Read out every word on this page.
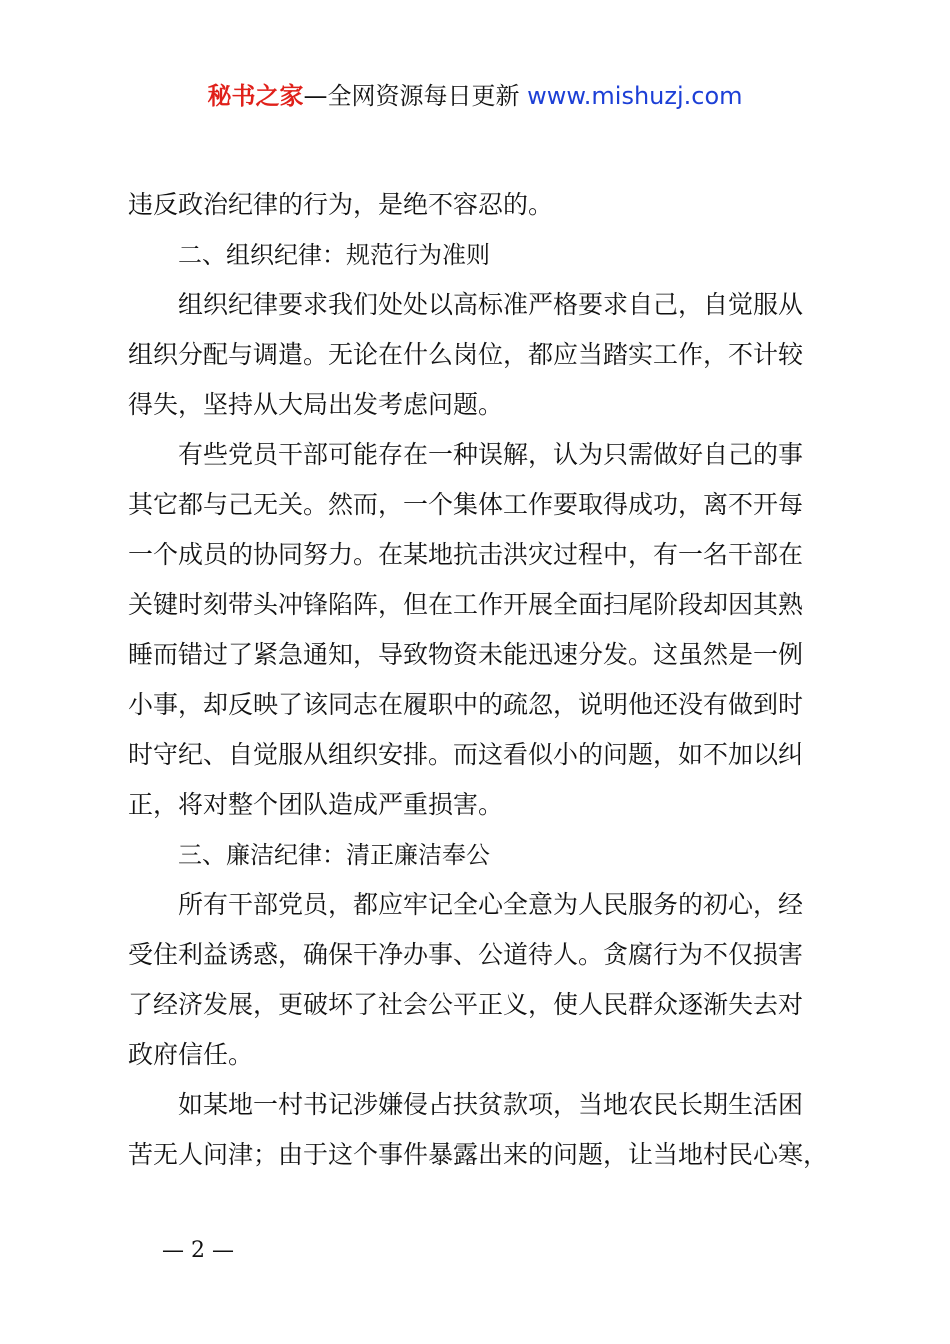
秘书之家—全网资源每日更新 www.mishuzj.com
违反政治纪律的行为，是绝不容忍的。
二、组织纪律：规范行为准则
组织纪律要求我们处处以高标准严格要求自己，自觉服从
组织分配与调遣。无论在什么岗位，都应当踏实工作，不计较
得失，坚持从大局出发考虑问题。
有些党员干部可能存在一种误解，认为只需做好自己的事
其它都与己无关。然而，一个集体工作要取得成功，离不开每
一个成员的协同努力。在某地抗击洪灾过程中，有一名干部在
关键时刻带头冲锋陷阵，但在工作开展全面扫尾阶段却因其熟
睡而错过了紧急通知，导致物资未能迅速分发。这虽然是一例
小事，却反映了该同志在履职中的疏忽，说明他还没有做到时
时守纪、自觉服从组织安排。而这看似小的问题，如不加以纠
正，将对整个团队造成严重损害。
三、廉洁纪律：清正廉洁奉公
所有干部党员，都应牢记全心全意为人民服务的初心，经
受住利益诱惑，确保干净办事、公道待人。贪腐行为不仅损害
了经济发展，更破坏了社会公平正义，使人民群众逐渐失去对
政府信任。
如某地一村书记涉嫌侵占扶贫款项，当地农民长期生活困
苦无人问津；由于这个事件暴露出来的问题，让当地村民心寒，
— 2 —
